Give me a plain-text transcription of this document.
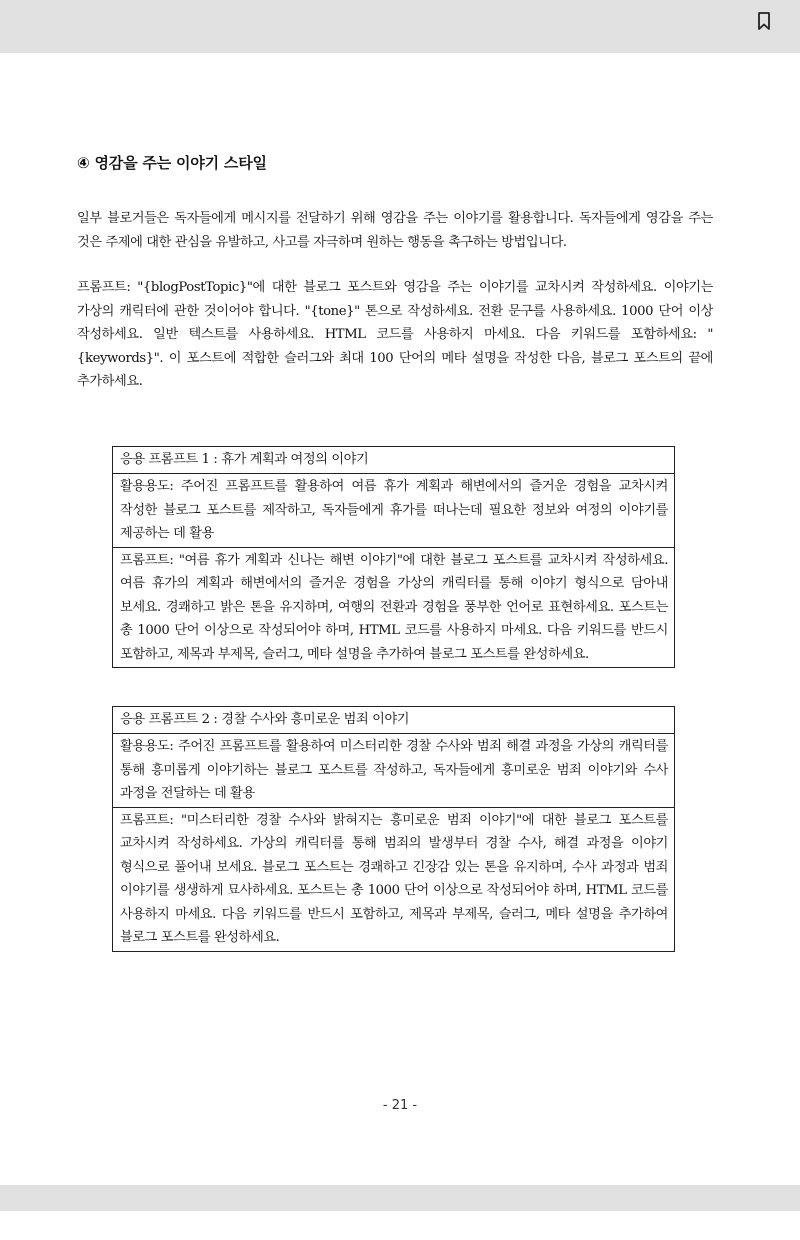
④ 영감을 주는 이야기 스타일

일부 블로거들은 독자들에게 메시지를 전달하기 위해 영감을 주는 이야기를 활용합니다. 독자들에게 영감을 주는 것은 주제에 대한 관심을 유발하고, 사고를 자극하며 원하는 행동을 촉구하는 방법입니다.

프롬프트: "{blogPostTopic}"에 대한 블로그 포스트와 영감을 주는 이야기를 교차시켜 작성하세요. 이야기는 가상의 캐릭터에 관한 것이어야 합니다. "{tone}" 톤으로 작성하세요. 전환 문구를 사용하세요. 1000 단어 이상 작성하세요. 일반 텍스트를 사용하세요. HTML 코드를 사용하지 마세요. 다음 키워드를 포함하세요: "{keywords}". 이 포스트에 적합한 슬러그와 최대 100 단어의 메타 설명을 작성한 다음, 블로그 포스트의 끝에 추가하세요.

응용 프롬프트 1 : 휴가 계획과 여정의 이야기
활용용도: 주어진 프롬프트를 활용하여 여름 휴가 계획과 해변에서의 즐거운 경험을 교차시켜 작성한 블로그 포스트를 제작하고, 독자들에게 휴가를 떠나는데 필요한 정보와 여정의 이야기를 제공하는 데 활용
프롬프트: "여름 휴가 계획과 신나는 해변 이야기"에 대한 블로그 포스트를 교차시켜 작성하세요. 여름 휴가의 계획과 해변에서의 즐거운 경험을 가상의 캐릭터를 통해 이야기 형식으로 담아내 보세요. 경쾌하고 밝은 톤을 유지하며, 여행의 전환과 경험을 풍부한 언어로 표현하세요. 포스트는 총 1000 단어 이상으로 작성되어야 하며, HTML 코드를 사용하지 마세요. 다음 키워드를 반드시 포함하고, 제목과 부제목, 슬러그, 메타 설명을 추가하여 블로그 포스트를 완성하세요.
응용 프롬프트 2 : 경찰 수사와 흥미로운 범죄 이야기
활용용도: 주어진 프롬프트를 활용하여 미스터리한 경찰 수사와 범죄 해결 과정을 가상의 캐릭터를 통해 흥미롭게 이야기하는 블로그 포스트를 작성하고, 독자들에게 흥미로운 범죄 이야기와 수사 과정을 전달하는 데 활용
프롬프트: "미스터리한 경찰 수사와 밝혀지는 흥미로운 범죄 이야기"에 대한 블로그 포스트를 교차시켜 작성하세요. 가상의 캐릭터를 통해 범죄의 발생부터 경찰 수사, 해결 과정을 이야기 형식으로 풀어내 보세요. 블로그 포스트는 경쾌하고 긴장감 있는 톤을 유지하며, 수사 과정과 범죄 이야기를 생생하게 묘사하세요. 포스트는 총 1000 단어 이상으로 작성되어야 하며, HTML 코드를 사용하지 마세요. 다음 키워드를 반드시 포함하고, 제목과 부제목, 슬러그, 메타 설명을 추가하여 블로그 포스트를 완성하세요.
- 21 -
